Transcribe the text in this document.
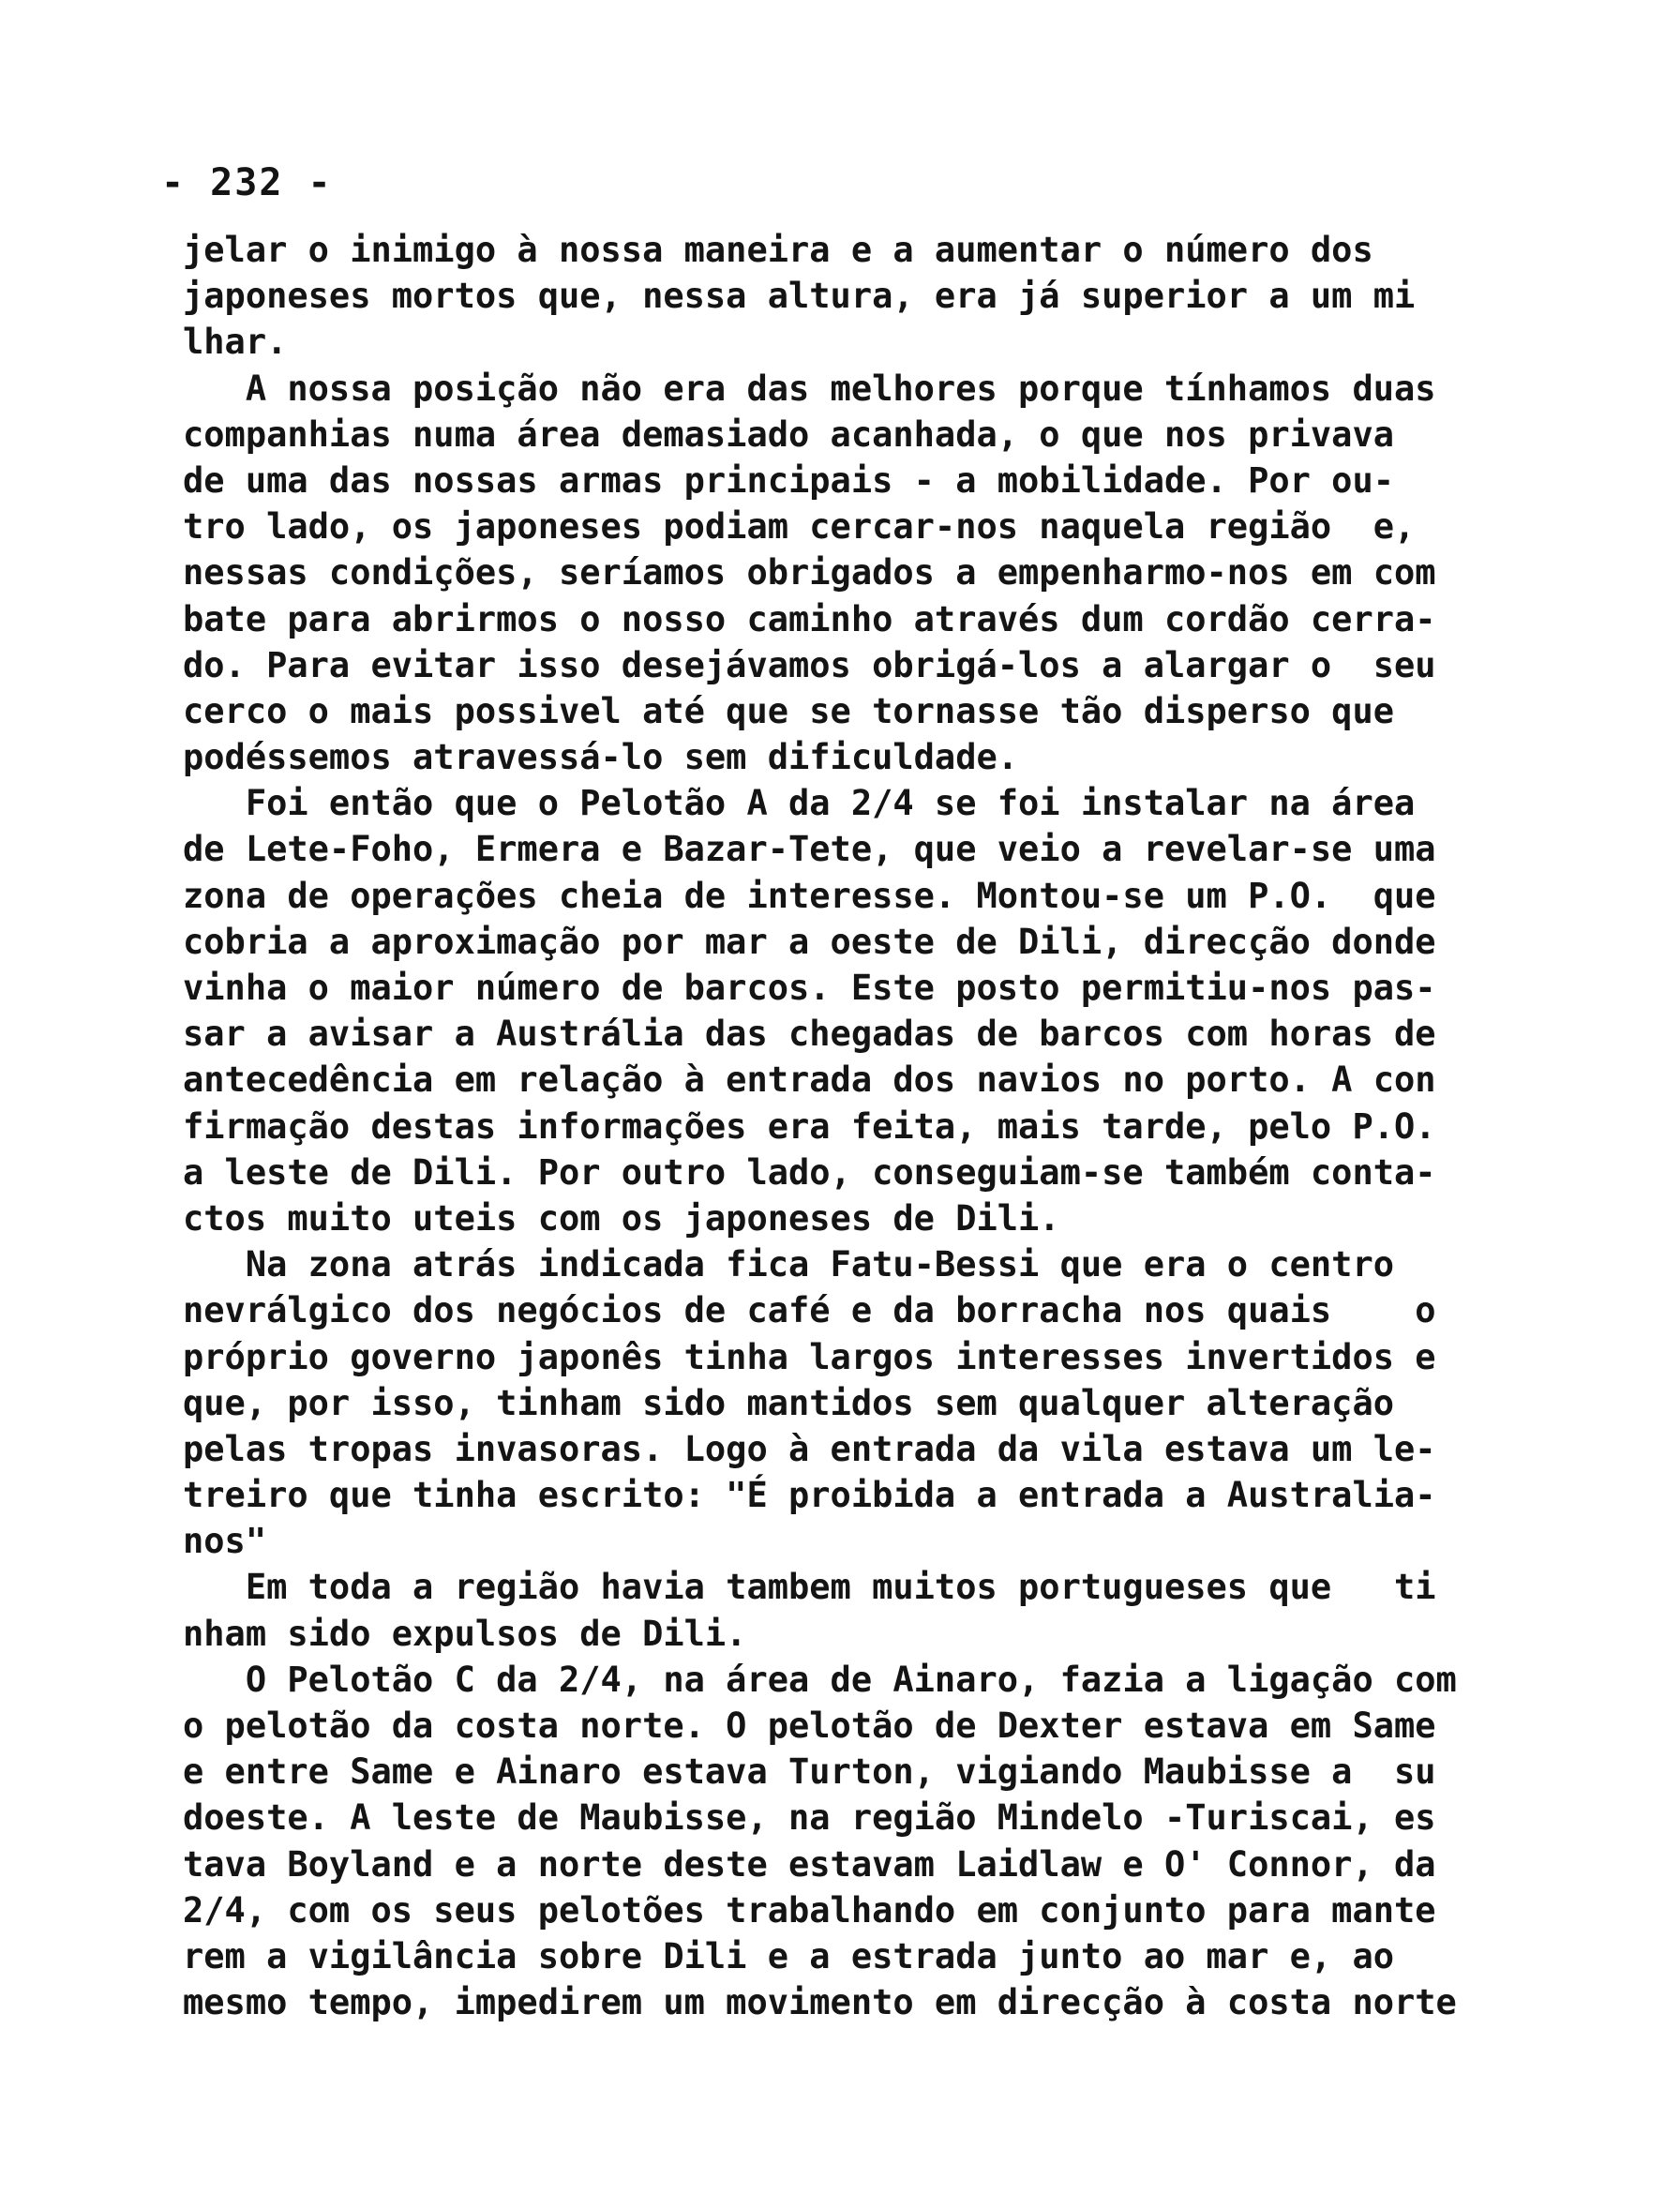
- 232 -
jelar o inimigo à nossa maneira e a aumentar o número dos
japoneses mortos que, nessa altura, era já superior a um mi
lhar.
A nossa posição não era das melhores porque tínhamos duas
companhias numa área demasiado acanhada, o que nos privava
de uma das nossas armas principais - a mobilidade. Por ou-
tro lado, os japoneses podiam cercar-nos naquela região  e,
nessas condições, seríamos obrigados a empenharmo-nos em com
bate para abrirmos o nosso caminho através dum cordão cerra-
do. Para evitar isso desejávamos obrigá-los a alargar o  seu
cerco o mais possivel até que se tornasse tão disperso que
podéssemos atravessá-lo sem dificuldade.
Foi então que o Pelotão A da 2/4 se foi instalar na área
de Lete-Foho, Ermera e Bazar-Tete, que veio a revelar-se uma
zona de operações cheia de interesse. Montou-se um P.O.  que
cobria a aproximação por mar a oeste de Dili, direcção donde
vinha o maior número de barcos. Este posto permitiu-nos pas-
sar a avisar a Austrália das chegadas de barcos com horas de
antecedência em relação à entrada dos navios no porto. A con
firmação destas informações era feita, mais tarde, pelo P.O.
a leste de Dili. Por outro lado, conseguiam-se também conta-
ctos muito uteis com os japoneses de Dili.
Na zona atrás indicada fica Fatu-Bessi que era o centro
nevrálgico dos negócios de café e da borracha nos quais    o
próprio governo japonês tinha largos interesses invertidos e
que, por isso, tinham sido mantidos sem qualquer alteração
pelas tropas invasoras. Logo à entrada da vila estava um le-
treiro que tinha escrito: "É proibida a entrada a Australia-
nos"
Em toda a região havia tambem muitos portugueses que   ti
nham sido expulsos de Dili.
O Pelotão C da 2/4, na área de Ainaro, fazia a ligação com
o pelotão da costa norte. O pelotão de Dexter estava em Same
e entre Same e Ainaro estava Turton, vigiando Maubisse a  su
doeste. A leste de Maubisse, na região Mindelo -Turiscai, es
tava Boyland e a norte deste estavam Laidlaw e O' Connor, da
2/4, com os seus pelotões trabalhando em conjunto para mante
rem a vigilância sobre Dili e a estrada junto ao mar e, ao
mesmo tempo, impedirem um movimento em direcção à costa norte
